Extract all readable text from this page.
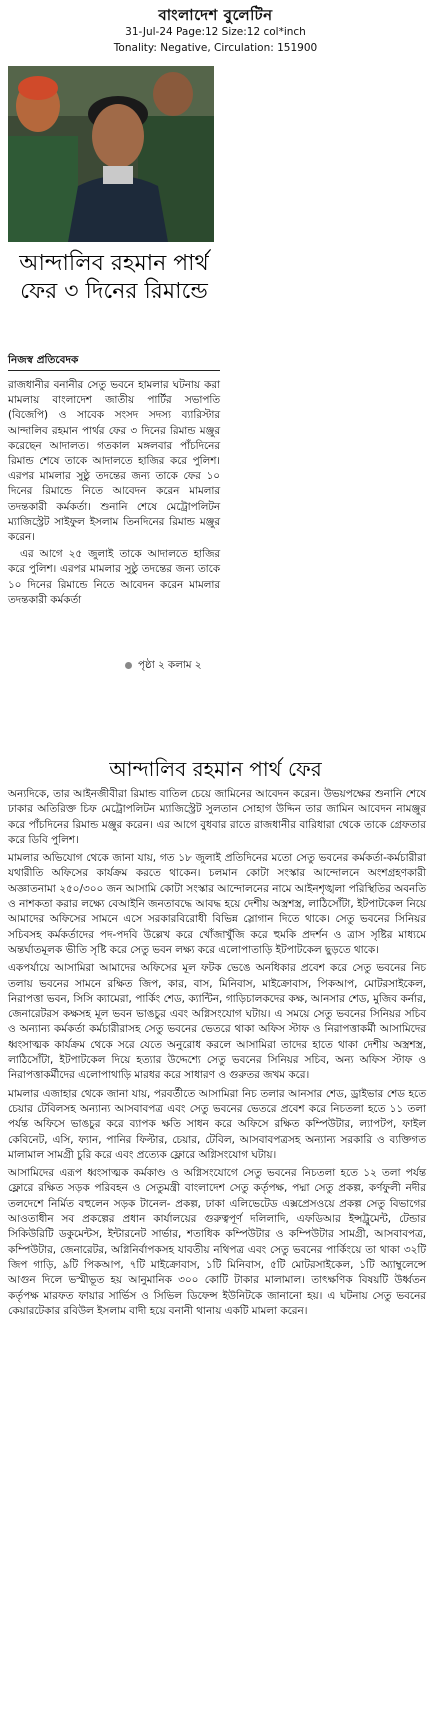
বাংলাদেশ বুলেটিন
31-Jul-24 Page:12 Size:12 col*inch
Tonality: Negative, Circulation: 151900
আন্দালিব রহমান পার্থ ফের ৩ দিনের রিমান্ডে
নিজস্ব প্রতিবেদক

রাজধানীর বনানীর সেতু ভবনে হামলার ঘটনায় করা মামলায় বাংলাদেশ জাতীয় পার্টির সভাপতি (বিজেপি) ও সাবেক সংসদ সদস্য ব্যারিস্টার আন্দালিব রহমান পার্থর ফের ৩ দিনের রিমান্ড মঞ্জুর করেছেন আদালত। গতকাল মঙ্গলবার পাঁচদিনের রিমান্ড শেষে তাকে আদালতে হাজির করে পুলিশ। এরপর মামলার সুষ্ঠু তদন্তের জন্য তাকে ফের ১০ দিনের রিমান্ডে নিতে আবেদন করেন মামলার তদন্তকারী কর্মকর্তা। শুনানি শেষে মেট্রোপলিটন ম্যাজিস্ট্রেট সাইফুল ইসলাম তিনদিনের রিমান্ড মঞ্জুর করেন।

এর আগে ২৫ জুলাই তাকে আদালতে হাজির করে পুলিশ। এরপর মামলার সুষ্ঠু তদন্তের জন্য তাকে ১০ দিনের রিমান্ডে নিতে আবেদন করেন মামলার তদন্তকারী কর্মকর্তা

পৃষ্ঠা ২ কলাম ২
আন্দালিব রহমান পার্থ ফের

অন্যদিকে, তার আইনজীবীরা রিমান্ড বাতিল চেয়ে জামিনের আবেদন করেন। উভয়পক্ষের শুনানি শেষে ঢাকার অতিরিক্ত চিফ মেট্রোপলিটন ম্যাজিস্ট্রেট সুলতান সোহাগ উদ্দিন তার জামিন আবেদন নামঞ্জুর করে পাঁচদিনের রিমান্ড মঞ্জুর করেন। এর আগে বুধবার রাতে রাজধানীর বারিধারা থেকে তাকে গ্রেফতার করে ডিবি পুলিশ।

মামলার অভিযোগ থেকে জানা যায়, গত ১৮ জুলাই প্রতিদিনের মতো সেতু ভবনের কর্মকর্তা-কর্মচারীরা যথারীতি অফিসের কার্যক্রম করতে থাকেন। চলমান কোটা সংস্কার আন্দোলনে অংশগ্রহণকারী অজ্ঞাতনামা ২৫০/৩০০ জন আসামি কোটা সংস্কার আন্দোলনের নামে আইনশৃঙ্খলা পরিস্থিতির অবনতি ও নাশকতা করার লক্ষ্যে বেআইনি জনতাবদ্ধে আবদ্ধ হয়ে দেশীয় অস্ত্রশস্ত্র, লাঠিসোঁটা, ইটপাটকেল নিয়ে আমাদের অফিসের সামনে এসে সরকারবিরোধী বিভিন্ন স্লোগান দিতে থাকে। সেতু ভবনের সিনিয়র সচিবসহ কর্মকর্তাদের পদ-পদবি উল্লেখ করে খোঁজাখুঁজি করে হুমকি প্রদর্শন ও ত্রাস সৃষ্টির মাধ্যমে অন্তর্ঘাতমূলক ভীতি সৃষ্টি করে সেতু ভবন লক্ষ্য করে এলোপাতাড়ি ইটপাটকেল ছুড়তে থাকে।

একপর্যায়ে আসামিরা আমাদের অফিসের মূল ফটক ভেঙে অনধিকার প্রবেশ করে সেতু ভবনের নিচ তলায় ভবনের সামনে রক্ষিত জিপ, কার, বাস, মিনিবাস, মাইক্রোবাস, পিকআপ, মোটরসাইকেল, নিরাপত্তা ভবন, সিসি ক্যামেরা, পার্কিং শেড, ক্যান্টিন, গাড়িচালকদের কক্ষ, আনসার শেড, মুজিব কর্নার, জেনারেটরস কক্ষসহ মূল ভবন ভাঙচুর এবং অগ্নিসংযোগ ঘটায়। এ সময়ে সেতু ভবনের সিনিয়র সচিব ও অন্যান্য কর্মকর্তা কর্মচারীরাসহ সেতু ভবনের ভেতরে থাকা অফিস স্টাফ ও নিরাপত্তাকর্মী আসামিদের ধ্বংসাত্মক কার্যক্রম থেকে সরে যেতে অনুরোধ করলে আসামিরা তাদের হাতে থাকা দেশীয় অস্ত্রশস্ত্র, লাঠিসোঁটা, ইটপাটকেল দিয়ে হত্যার উদ্দেশ্যে সেতু ভবনের সিনিয়র সচিব, অন্য অফিস স্টাফ ও নিরাপত্তাকর্মীদের এলোপাথাড়ি মারধর করে সাধারণ ও গুরুতর জখম করে।

মামলার এজাহার থেকে জানা যায়, পরবর্তীতে আসামিরা নিচ তলার আনসার শেড, ড্রাইভার শেড হতে চেয়ার টেবিলসহ অন্যান্য আসবাবপত্র এবং সেতু ভবনের ভেতরে প্রবেশ করে নিচতলা হতে ১১ তলা পর্যন্ত অফিসে ভাঙচুর করে ব্যাপক ক্ষতি সাধন করে অফিসে রক্ষিত কম্পিউটার, ল্যাপটপ, ফাইল কেবিনেট, এসি, ফ্যান, পানির ফিল্টার, চেয়ার, টেবিল, আসবাবপত্রসহ অন্যান্য সরকারি ও ব্যক্তিগত মালামাল সামগ্রী চুরি করে এবং প্রত্যেক ফ্লোরে অগ্নিসংযোগ ঘটায়।

আসামিদের এরূপ ধ্বংসাত্মক কর্মকাণ্ড ও অগ্নিসংযোগে সেতু ভবনের নিচতলা হতে ১২ তলা পর্যন্ত ফ্লোরে রক্ষিত সড়ক পরিবহন ও সেতুমন্ত্রী বাংলাদেশ সেতু কর্তৃপক্ষ, পদ্মা সেতু প্রকল্প, কর্ণফুলী নদীর তলদেশে নির্মিত বহুলেন সড়ক টানেল- প্রকল্প, ঢাকা এলিভেটেড এক্সপ্রেসওয়ে প্রকল্প সেতু বিভাগের আওতাধীন সব প্রকল্পের প্রধান কার্যালয়ের গুরুত্বপূর্ণ দলিলাদি, এফডিআর ইন্সট্রুমেন্ট, টেন্ডার সিকিউরিটি ডকুমেন্টস, ইন্টারনেট সার্ভার, শতাধিক কম্পিউটার ও কম্পিউটার সামগ্রী, আসবাবপত্র, কম্পিউটার, জেনারেটর, অগ্নিনির্বাপকসহ যাবতীয় নথিপত্র এবং সেতু ভবনের পার্কিংয়ে তা থাকা ৩২টি জিপ গাড়ি, ৯টি পিকআপ, ৭টি মাইক্রোবাস, ১টি মিনিবাস, ৫টি মোটরসাইকেল, ১টি অ্যাম্বুলেন্সে আগুন দিলে ভস্মীভূত হয় আনুমানিক ৩০০ কোটি টাকার মালামাল। তাৎক্ষণিক বিষয়টি উর্ধ্বতন কর্তৃপক্ষ মারফত ফায়ার সার্ভিস ও সিভিল ডিফেন্স ইউনিটকে জানানো হয়। এ ঘটনায় সেতু ভবনের কেয়ারটেকার রবিউল ইসলাম বাদী হয়ে বনানী থানায় একটি মামলা করেন।
